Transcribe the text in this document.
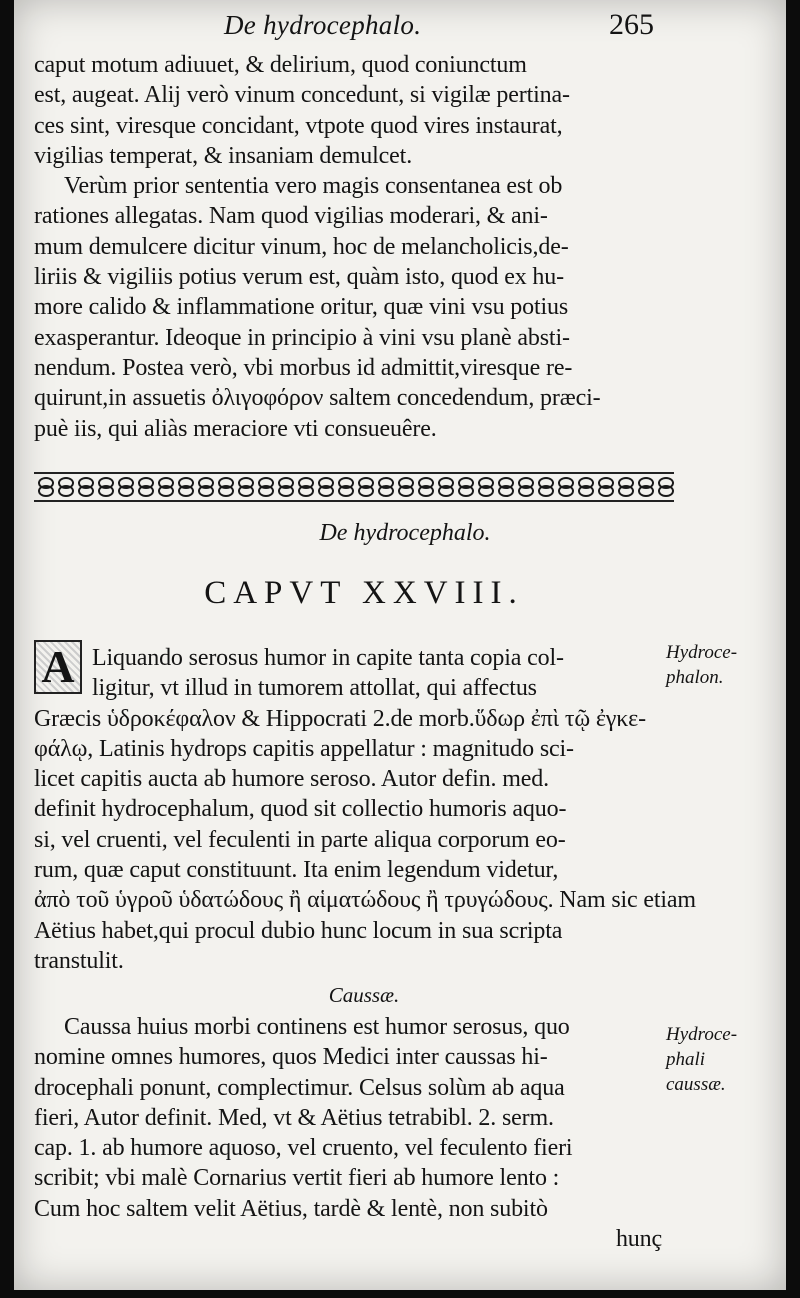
De hydrocephalo.	265
caput motum adiuuet, & delirium, quod coniunctum
est, augeat. Alij verò vinum concedunt, si vigilæ pertina-
ces sint, viresque concidant, vtpote quod vires instaurat,
vigilias temperat, & insaniam demulcet.
Verùm prior sententia vero magis consentanea est ob
rationes allegatas. Nam quod vigilias moderari, & ani-
mum demulcere dicitur vinum, hoc de melancholicis,de-
liriis & vigiliis potius verum est, quàm isto, quod ex hu-
more calido & inflammatione oritur, quæ vini vsu potius
exasperantur. Ideoque in principio à vini vsu planè absti-
nendum. Postea verò, vbi morbus id admittit,viresque re-
quirunt,in assuetis ὀλιγοφόρον saltem concedendum, præci-
puè iis, qui aliàs meraciore vti consueuêre.
De hydrocephalo.
CAPVT XXVIII.
A Liquando serosus humor in capite tanta copia col-
ligitur, vt illud in tumorem attollat, qui affectus
Græcis ὑδροκέφαλον & Hippocrati 2.de morb.ὕδωρ ἐπὶ τῷ ἐγκε-
φάλῳ, Latinis hydrops capitis appellatur : magnitudo sci-
licet capitis aucta ab humore seroso. Autor defin. med.
definit hydrocephalum, quod sit collectio humoris aquo-
si, vel cruenti, vel feculenti in parte aliqua corporum eo-
rum, quæ caput constituunt. Ita enim legendum videtur,
ἀπὸ τοῦ ὑγροῦ ὑδατώδους ἢ αἱματώδους ἢ τρυγώδους. Nam sic etiam
Aëtius habet,qui procul dubio hunc locum in sua scripta
transtulit.
Caussæ.
Caussa huius morbi continens est humor serosus, quo
nomine omnes humores, quos Medici inter caussas hi-
drocephali ponunt, complectimur. Celsus solùm ab aqua
fieri, Autor definit. Med, vt & Aëtius tetrabibl. 2. serm.
cap. 1. ab humore aquoso, vel cruento, vel feculento fieri
scribit; vbi malè Cornarius vertit fieri ab humore lento :
Cum hoc saltem velit Aëtius, tardè & lentè, non subitò
hunç
Hydroce-
phalon.
Hydroce-
phali
caussæ.
